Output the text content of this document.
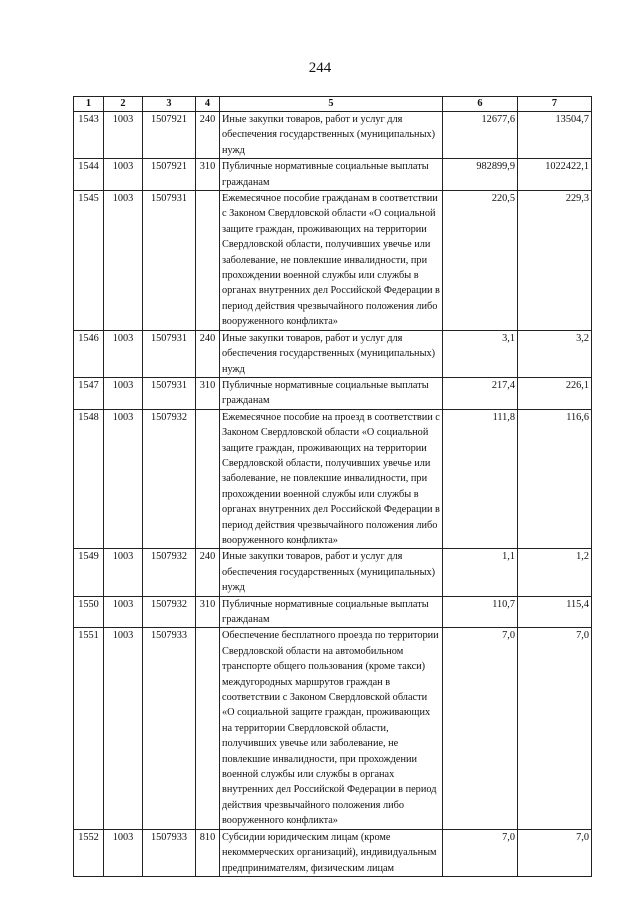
244
1	2	3	4	5	6	7
1543	1003	1507921	240	Иные закупки товаров, работ и услуг для обеспечения государственных (муниципальных) нужд	12677,6	13504,7
1544	1003	1507921	310	Публичные нормативные социальные выплаты гражданам	982899,9	1022422,1
1545	1003	1507931		Ежемесячное пособие гражданам в соответствии с Законом Свердловской области «О социальной защите граждан, проживающих на территории Свердловской области, получивших увечье или заболевание, не повлекшие инвалидности, при прохождении военной службы или службы в органах внутренних дел Российской Федерации в период действия чрезвычайного положения либо вооруженного конфликта»	220,5	229,3
1546	1003	1507931	240	Иные закупки товаров, работ и услуг для обеспечения государственных (муниципальных) нужд	3,1	3,2
1547	1003	1507931	310	Публичные нормативные социальные выплаты гражданам	217,4	226,1
1548	1003	1507932		Ежемесячное пособие на проезд в соответствии с Законом Свердловской области «О социальной защите граждан, проживающих на территории Свердловской области, получивших увечье или заболевание, не повлекшие инвалидности, при прохождении военной службы или службы в органах внутренних дел Российской Федерации в период действия чрезвычайного положения либо вооруженного конфликта»	111,8	116,6
1549	1003	1507932	240	Иные закупки товаров, работ и услуг для обеспечения государственных (муниципальных) нужд	1,1	1,2
1550	1003	1507932	310	Публичные нормативные социальные выплаты гражданам	110,7	115,4
1551	1003	1507933		Обеспечение бесплатного проезда по территории Свердловской области на автомобильном транспорте общего пользования (кроме такси) междугородных маршрутов граждан в соответствии с Законом Свердловской области «О социальной защите граждан, проживающих на территории Свердловской области, получивших увечье или заболевание, не повлекшие инвалидности, при прохождении военной службы или службы в органах внутренних дел Российской Федерации в период действия чрезвычайного положения либо вооруженного конфликта»	7,0	7,0
1552	1003	1507933	810	Субсидии юридическим лицам (кроме некоммерческих организаций), индивидуальным предпринимателям, физическим лицам	7,0	7,0
